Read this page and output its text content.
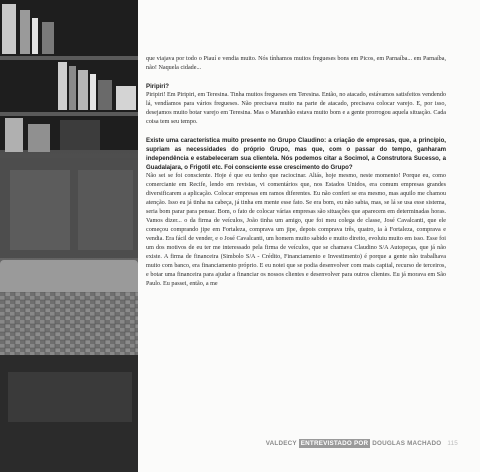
que viajava por todo o Piauí e vendia muito. Nós tínhamos muitos fregueses bons em Picos, em Parnaíba... em Parnaíba, não! Naquela cidade...

Piripiri?

Piripiri! Em Piripiri, em Teresina. Tinha muitos fregueses em Teresina. Então, no atacado, estávamos satisfeitos vendendo lá, vendíamos para vários fregueses. Não precisava muito na parte de atacado, precisava colocar varejo. E, por isso, desejamos muito botar varejo em Teresina. Mas o Maranhão estava muito bom e a gente prorrogou aquela situação. Cada coisa tem seu tempo.

Existe uma característica muito presente no Grupo Claudino: a criação de empresas, que, a princípio, supriam as necessidades do próprio Grupo, mas que, com o passar do tempo, ganharam independência e estabeleceram sua clientela. Nós podemos citar a Socimol, a Construtora Sucesso, a Guadalajara, o Frigotil etc. Foi consciente esse crescimento do Grupo?

Não sei se foi consciente. Hoje é que eu tenho que raciocinar. Aliás, hoje mesmo, neste momento! Porque eu, como comerciante em Recife, lendo em revistas, vi comentários que, nos Estados Unidos, era comum empresas grandes diversificarem a aplicação. Colocar empresas em ramos diferentes. Eu não conferi se era mesmo, mas aquilo me chamou atenção. Isso eu já tinha na cabeça, já tinha em mente esse fato. Se era bom, eu não sabia, mas, se lá se usa esse sistema, seria bom parar para pensar. Bom, o fato de colocar várias empresas são situações que aparecem em determinadas horas. Vamos dizer... o da firma de veículos, João tinha um amigo, que foi meu colega de classe, José Cavalcanti, que ele começou comprando jipe em Fortaleza, comprava um jipe, depois comprava três, quatro, ia à Fortaleza, comprava e vendia. Era fácil de vender, e o José Cavalcanti, um homem muito sabido e muito direito, evoluiu muito em isso. Esse foi um dos motivos de eu ter me interessado pela firma de veículos, que se chamava Claudino S/A Autopeças, que já não existe. A firma de financeira (Simbolo S/A - Crédito, Financiamento e Investimento) é porque a gente não trabalhava muito com banco, era financiamento próprio. E eu notei que se podia desenvolver com mais capital, recurso de terceiros, e botar uma financeira para ajudar a financiar os nossos clientes e desenvolver para outros clientes. Eu já morava em São Paulo. Eu passei, então, a me

VALDECY ENTREVISTADO POR DOUGLAS MACHADO 115
